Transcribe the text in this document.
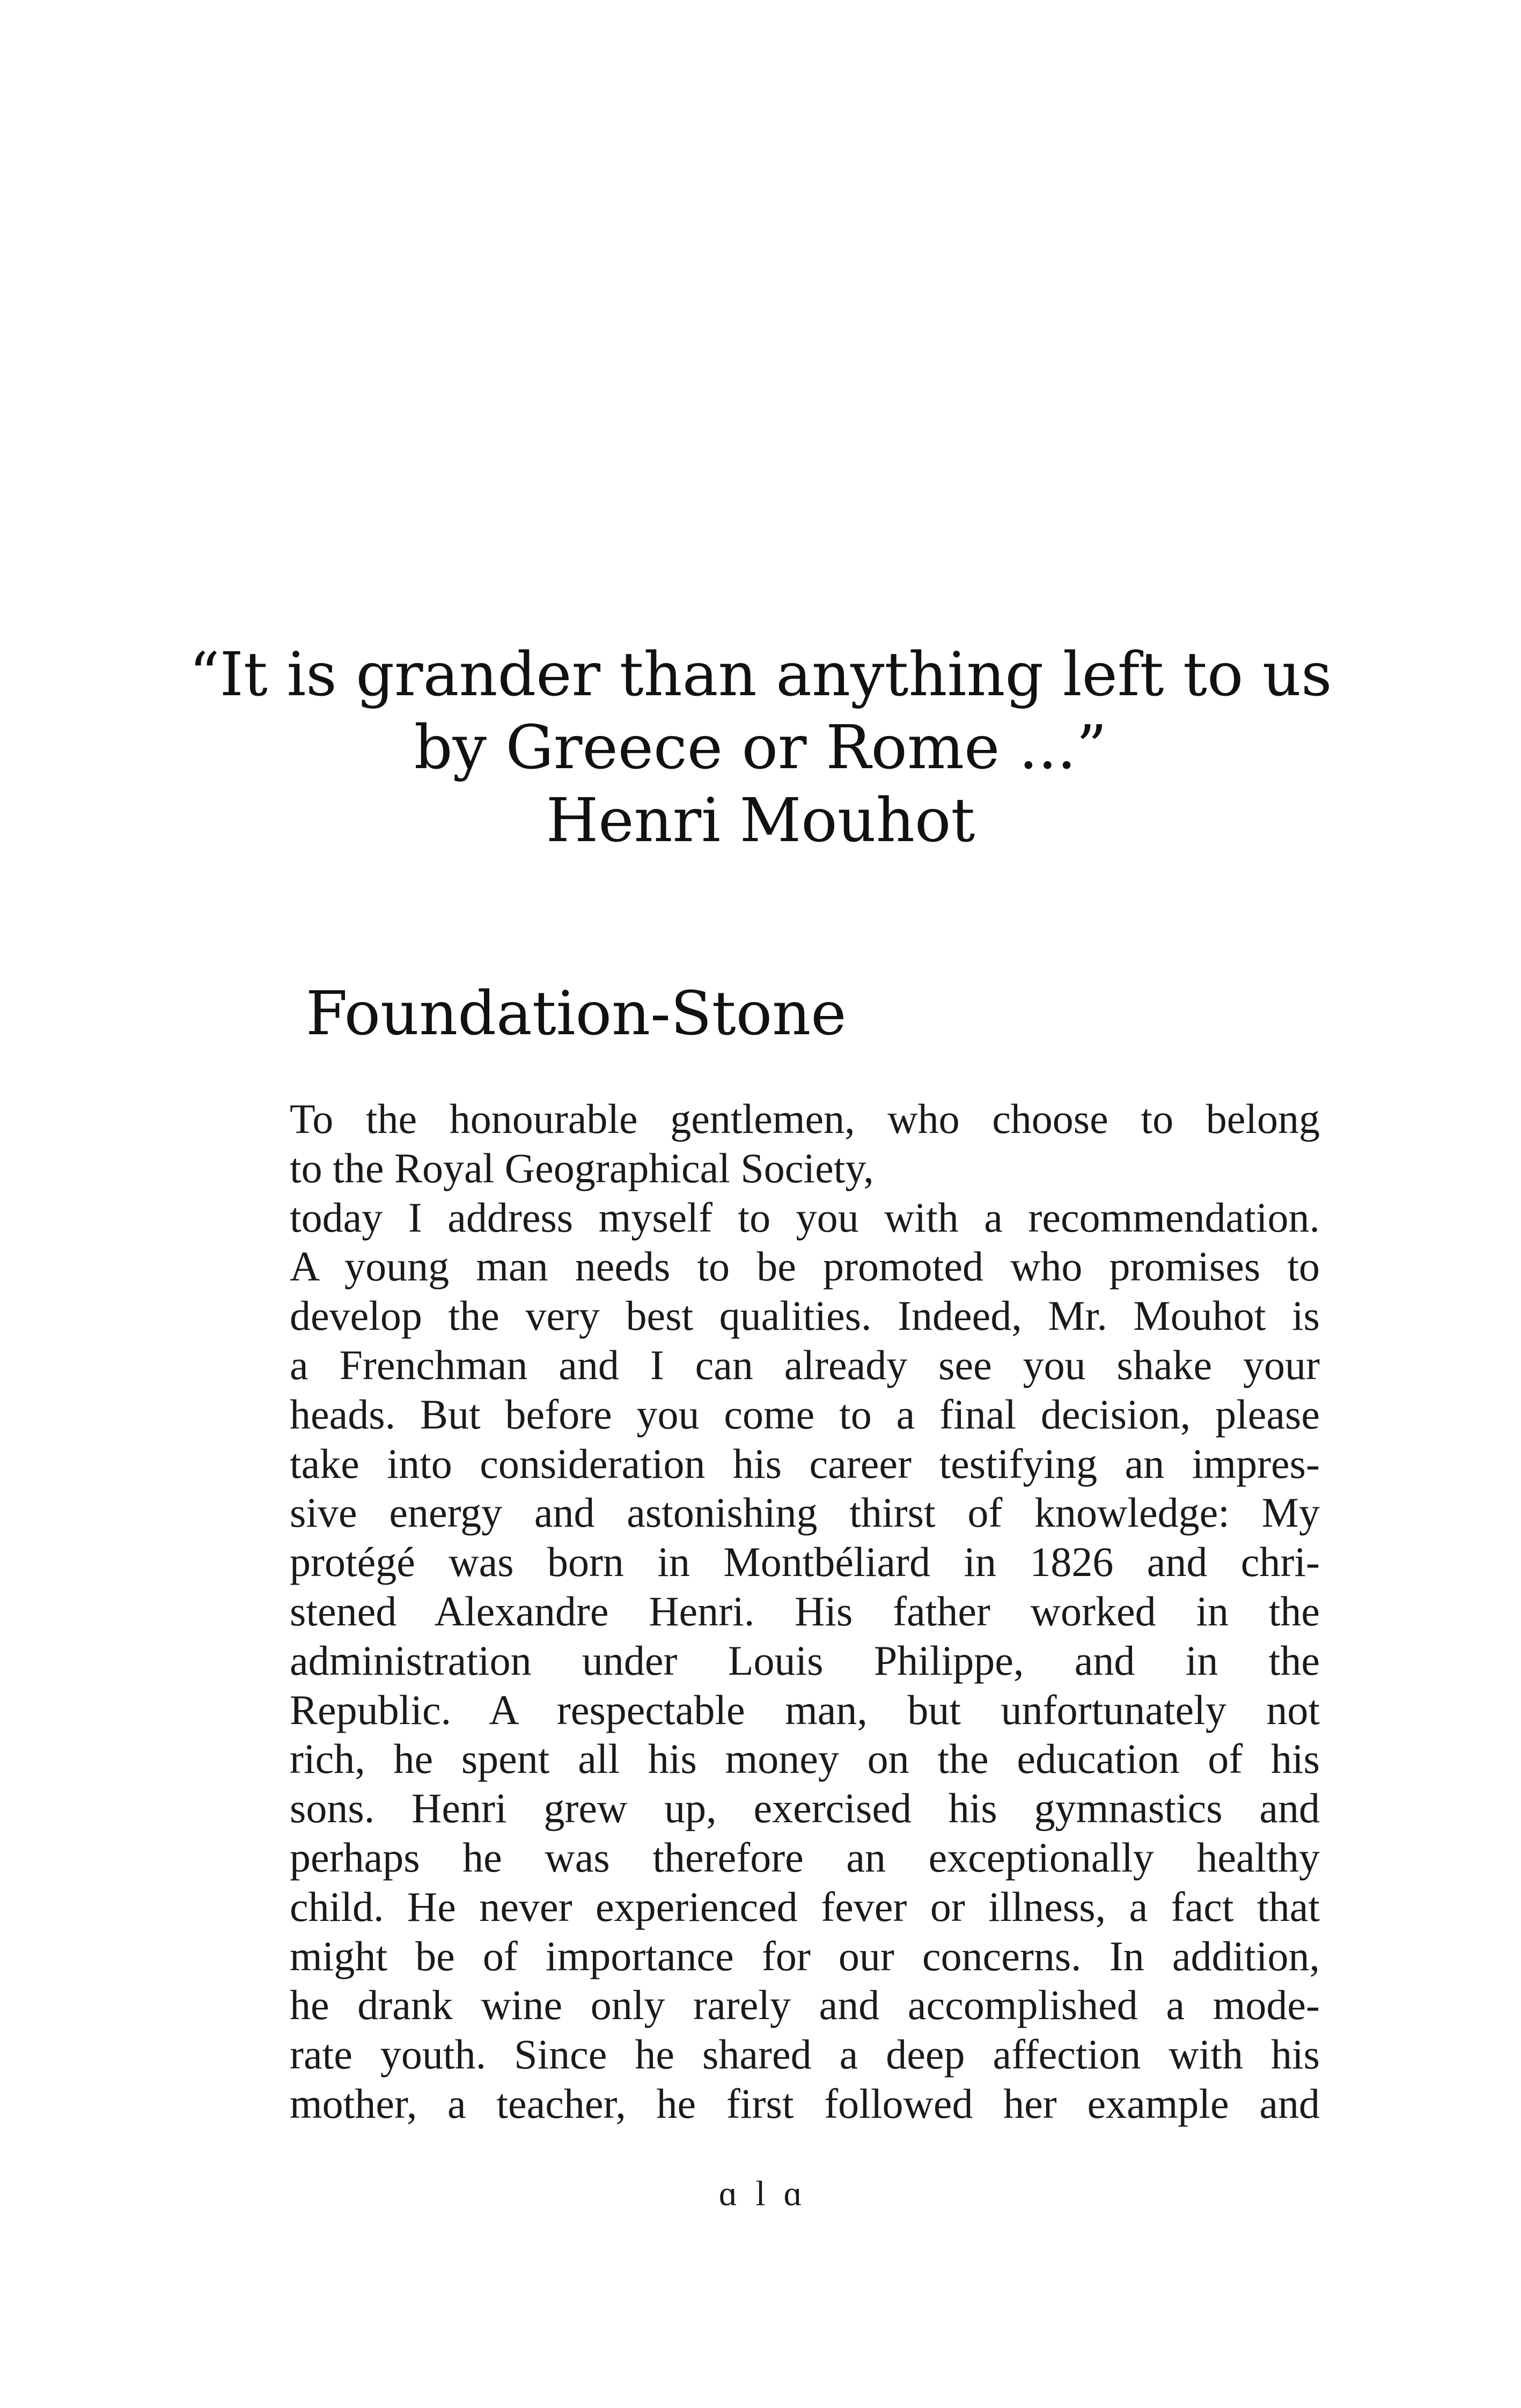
“It is grander than anything left to us
by Greece or Rome ...”
Henri Mouhot
Foundation-Stone
To the honourable gentlemen, who choose to belong
to the Royal Geographical Society,
today I address myself to you with a recommendation.
A young man needs to be promoted who promises to
develop the very best qualities. Indeed, Mr. Mouhot is
a Frenchman and I can already see you shake your
heads. But before you come to a final decision, please
take into consideration his career testifying an impres-
sive energy and astonishing thirst of knowledge: My
protégé was born in Montbéliard in 1826 and chri-
stened Alexandre Henri. His father worked in the
administration under Louis Philippe, and in the
Republic. A respectable man, but unfortunately not
rich, he spent all his money on the education of his
sons. Henri grew up, exercised his gymnastics and
perhaps he was therefore an exceptionally healthy
child. He never experienced fever or illness, a fact that
might be of importance for our concerns. In addition,
he drank wine only rarely and accomplished a mode-
rate youth. Since he shared a deep affection with his
mother, a teacher, he first followed her example and
ɑ l ɑ
